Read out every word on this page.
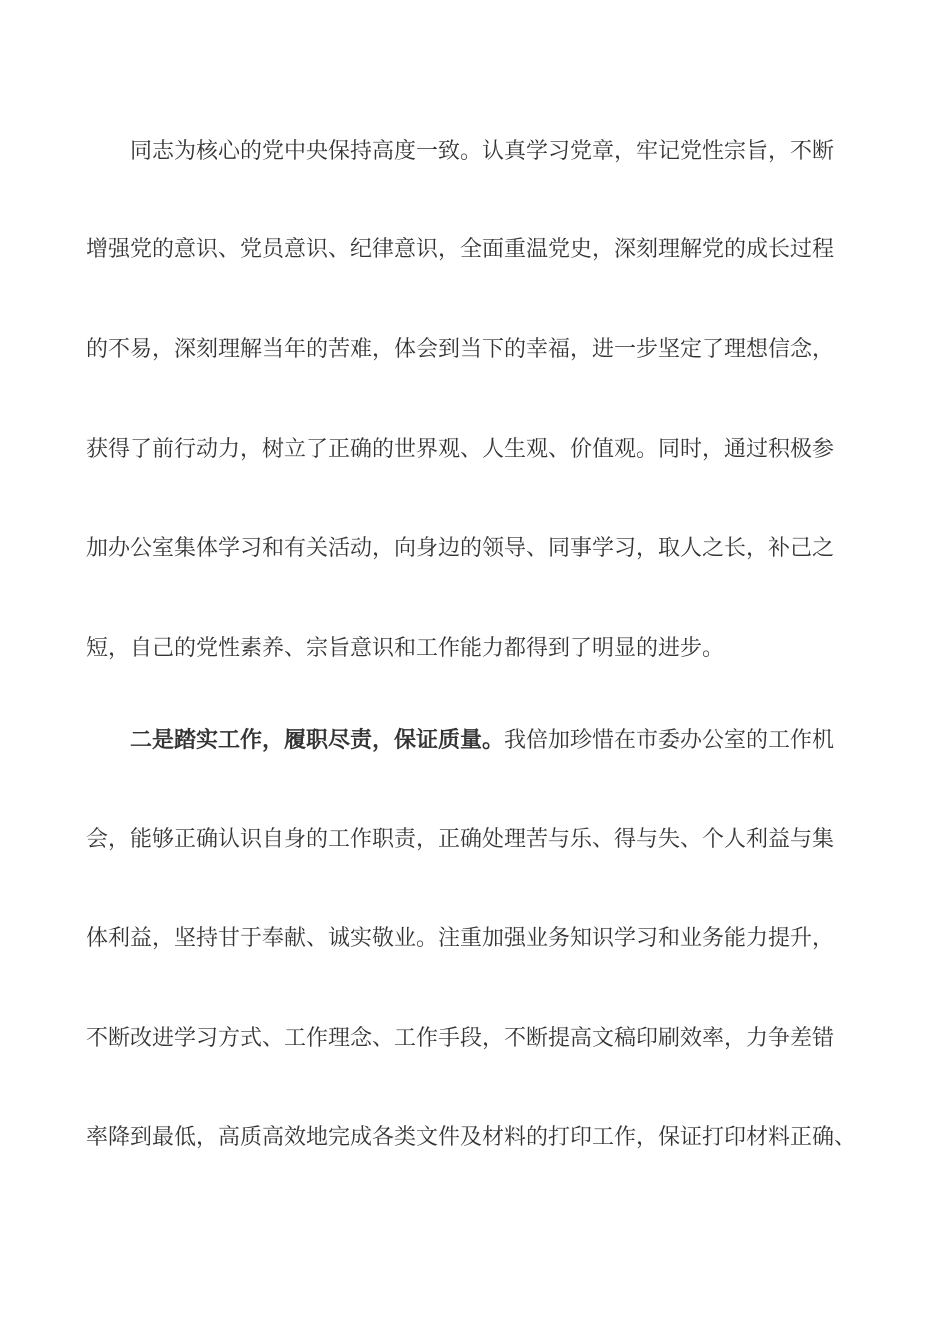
同志为核心的党中央保持高度一致。认真学习党章，牢记党性宗旨，不断
增强党的意识、党员意识、纪律意识，全面重温党史，深刻理解党的成长过程
的不易，深刻理解当年的苦难，体会到当下的幸福，进一步坚定了理想信念，
获得了前行动力，树立了正确的世界观、人生观、价值观。同时，通过积极参
加办公室集体学习和有关活动，向身边的领导、同事学习，取人之长，补己之
短，自己的党性素养、宗旨意识和工作能力都得到了明显的进步。
二是踏实工作，履职尽责，保证质量。我倍加珍惜在市委办公室的工作机
会，能够正确认识自身的工作职责，正确处理苦与乐、得与失、个人利益与集
体利益，坚持甘于奉献、诚实敬业。注重加强业务知识学习和业务能力提升，
不断改进学习方式、工作理念、工作手段，不断提高文稿印刷效率，力争差错
率降到最低，高质高效地完成各类文件及材料的打印工作，保证打印材料正确、
